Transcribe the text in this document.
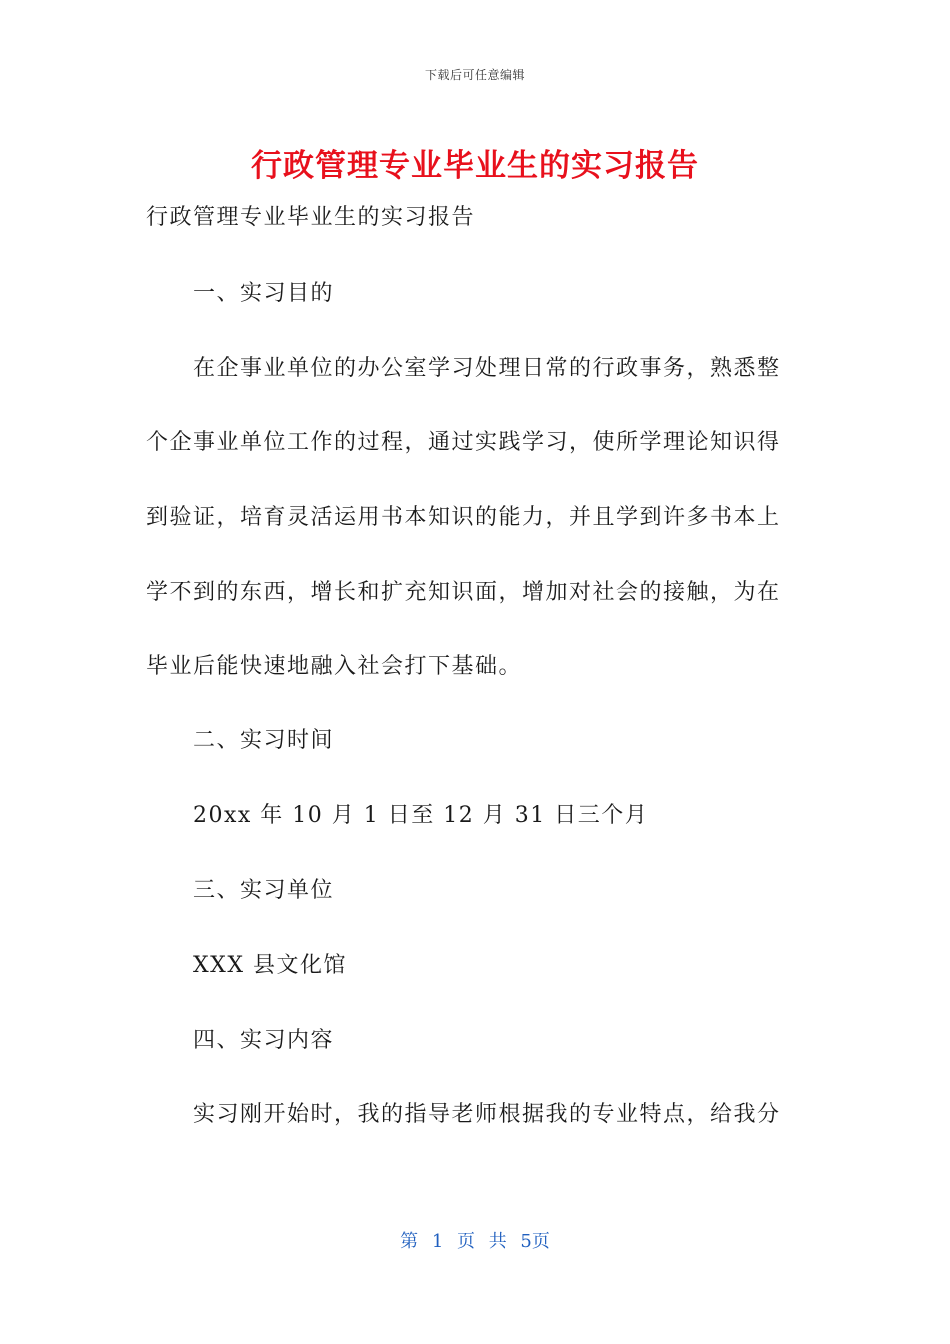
下载后可任意编辑
行政管理专业毕业生的实习报告
行政管理专业毕业生的实习报告
一、实习目的
在企事业单位的办公室学习处理日常的行政事务，熟悉整
个企事业单位工作的过程，通过实践学习，使所学理论知识得
到验证，培育灵活运用书本知识的能力，并且学到许多书本上
学不到的东西，增长和扩充知识面，增加对社会的接触，为在
毕业后能快速地融入社会打下基础。
二、实习时间
20xx 年 10 月 1 日至 12 月 31 日三个月
三、实习单位
XXX 县文化馆
四、实习内容
实习刚开始时，我的指导老师根据我的专业特点，给我分
第 1 页 共 5页
